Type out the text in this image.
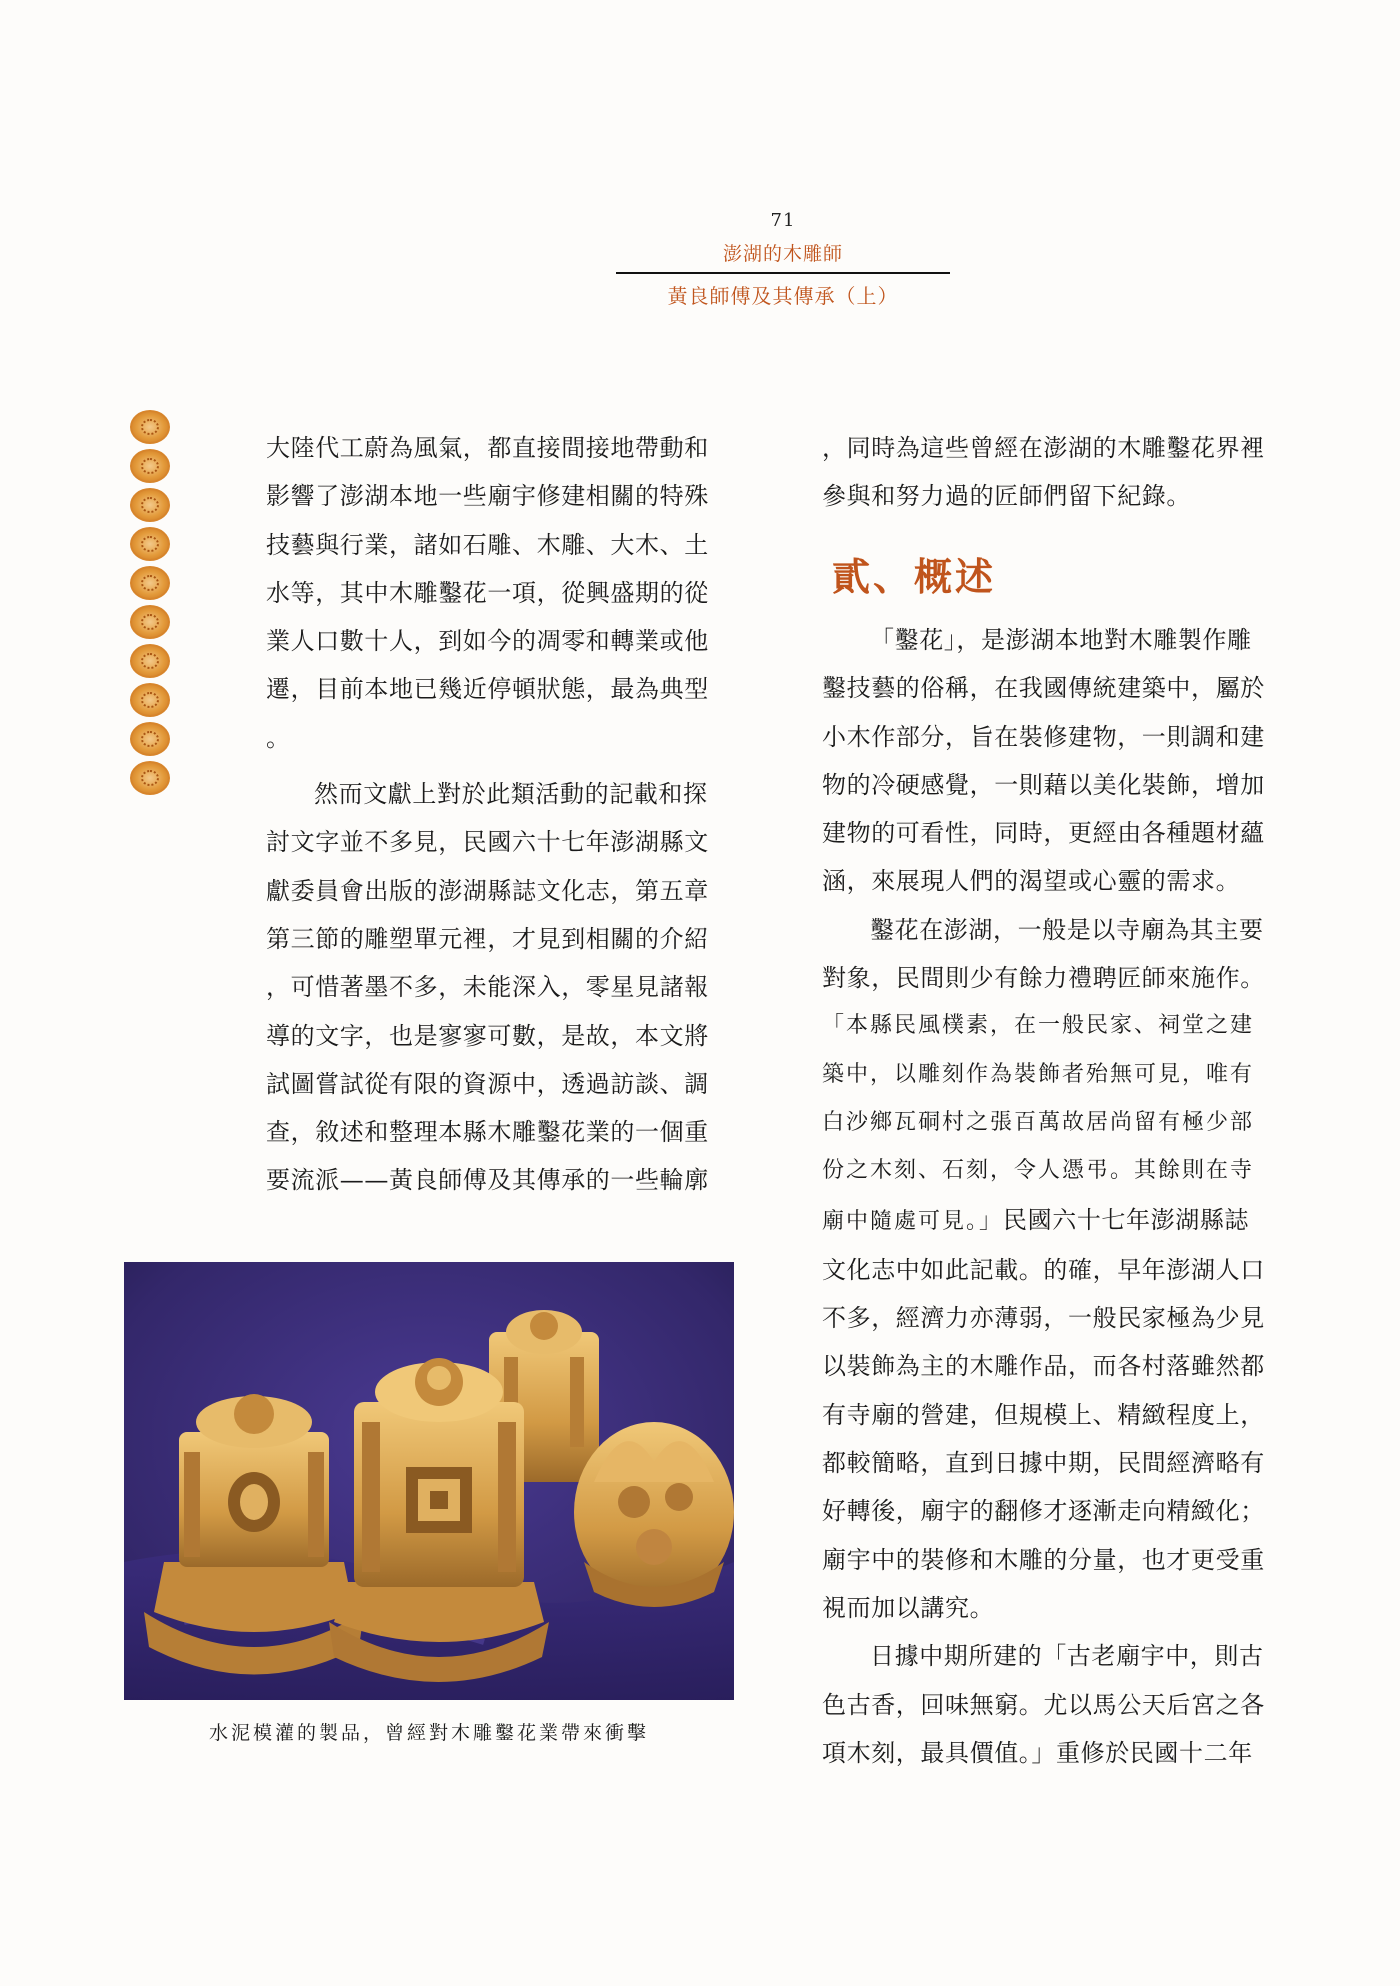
71
澎湖的木雕師
黃良師傅及其傳承（上）

大陸代工蔚為風氣，都直接間接地帶動和
影響了澎湖本地一些廟宇修建相關的特殊
技藝與行業，諸如石雕、木雕、大木、土
水等，其中木雕鑿花一項，從興盛期的從
業人口數十人，到如今的凋零和轉業或他
遷，目前本地已幾近停頓狀態，最為典型
。

然而文獻上對於此類活動的記載和探
討文字並不多見，民國六十七年澎湖縣文
獻委員會出版的澎湖縣誌文化志，第五章
第三節的雕塑單元裡，才見到相關的介紹
，可惜著墨不多，未能深入，零星見諸報
導的文字，也是寥寥可數，是故，本文將
試圖嘗試從有限的資源中，透過訪談、調
查，敘述和整理本縣木雕鑿花業的一個重
要流派——黃良師傅及其傳承的一些輪廓

，同時為這些曾經在澎湖的木雕鑿花界裡
參與和努力過的匠師們留下紀錄。
貳、概述

「鑿花」，是澎湖本地對木雕製作雕
鑿技藝的俗稱，在我國傳統建築中，屬於
小木作部分，旨在裝修建物，一則調和建
物的冷硬感覺，一則藉以美化裝飾，增加
建物的可看性，同時，更經由各種題材蘊
涵，來展現人們的渴望或心靈的需求。

鑿花在澎湖，一般是以寺廟為其主要
對象，民間則少有餘力禮聘匠師來施作。
「本縣民風樸素，在一般民家、祠堂之建
築中，以雕刻作為裝飾者殆無可見，唯有
白沙鄉瓦硐村之張百萬故居尚留有極少部
份之木刻、石刻，令人憑弔。其餘則在寺
廟中隨處可見。」民國六十七年澎湖縣誌
文化志中如此記載。的確，早年澎湖人口
不多，經濟力亦薄弱，一般民家極為少見
以裝飾為主的木雕作品，而各村落雖然都
有寺廟的營建，但規模上、精緻程度上，
都較簡略，直到日據中期，民間經濟略有
好轉後，廟宇的翻修才逐漸走向精緻化；
廟宇中的裝修和木雕的分量，也才更受重
視而加以講究。

日據中期所建的「古老廟宇中，則古
色古香，回味無窮。尤以馬公天后宮之各
項木刻，最具價值。」重修於民國十二年

水泥模灌的製品，曾經對木雕鑿花業帶來衝擊
